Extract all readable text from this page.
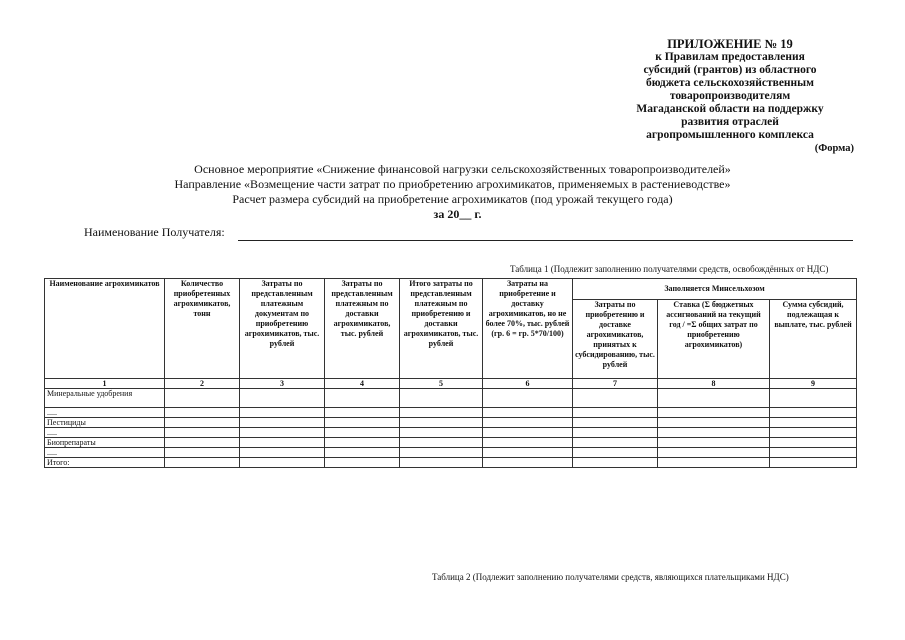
ПРИЛОЖЕНИЕ № 19
к Правилам предоставления
субсидий (грантов) из областного
бюджета сельскохозяйственным
товаропроизводителям
Магаданской области на поддержку
развития отраслей
агропромышленного комплекса
(Форма)
Основное мероприятие «Снижение финансовой нагрузки сельскохозяйственных товаропроизводителей»
Направление «Возмещение части затрат по приобретению агрохимикатов, применяемых в растениеводстве»
Расчет размера субсидий на приобретение агрохимикатов (под урожай текущего года)
за 20__ г.
Наименование Получателя:
Таблица 1 (Подлежит заполнению получателями средств, освобождённых от НДС)
Наименование агрохимикатов	Количество приобретенных агрохимикатов, тонн	Затраты по представленным платежным документам по приобретению агрохимикатов, тыс. рублей	Затраты по представленным платежным по доставки агрохимикатов, тыс. рублей	Итого затраты по представленным платежным по приобретению и доставки агрохимикатов, тыс. рублей	Затраты на приобретение и доставку агрохимикатов, но не более 70%, тыс. рублей (гр. 6 = гр. 5*70/100)	Заполняется Минсельхозом		
						Затраты по приобретению и доставке агрохимикатов, принятых к субсидированию, тыс. рублей	Ставка (Σ бюджетных ассигнований на текущий год / =Σ общих затрат по приобретению агрохимикатов)	Сумма субсидий, подлежащая к выплате, тыс. рублей
1	2	3	4	5	6	7	8	9
Минеральные удобрения								
.....								
Пестициды								
.....								
Биопрепараты								
.....								
Итого:								
Таблица 2 (Подлежит заполнению получателями средств, являющихся плательщиками НДС)
